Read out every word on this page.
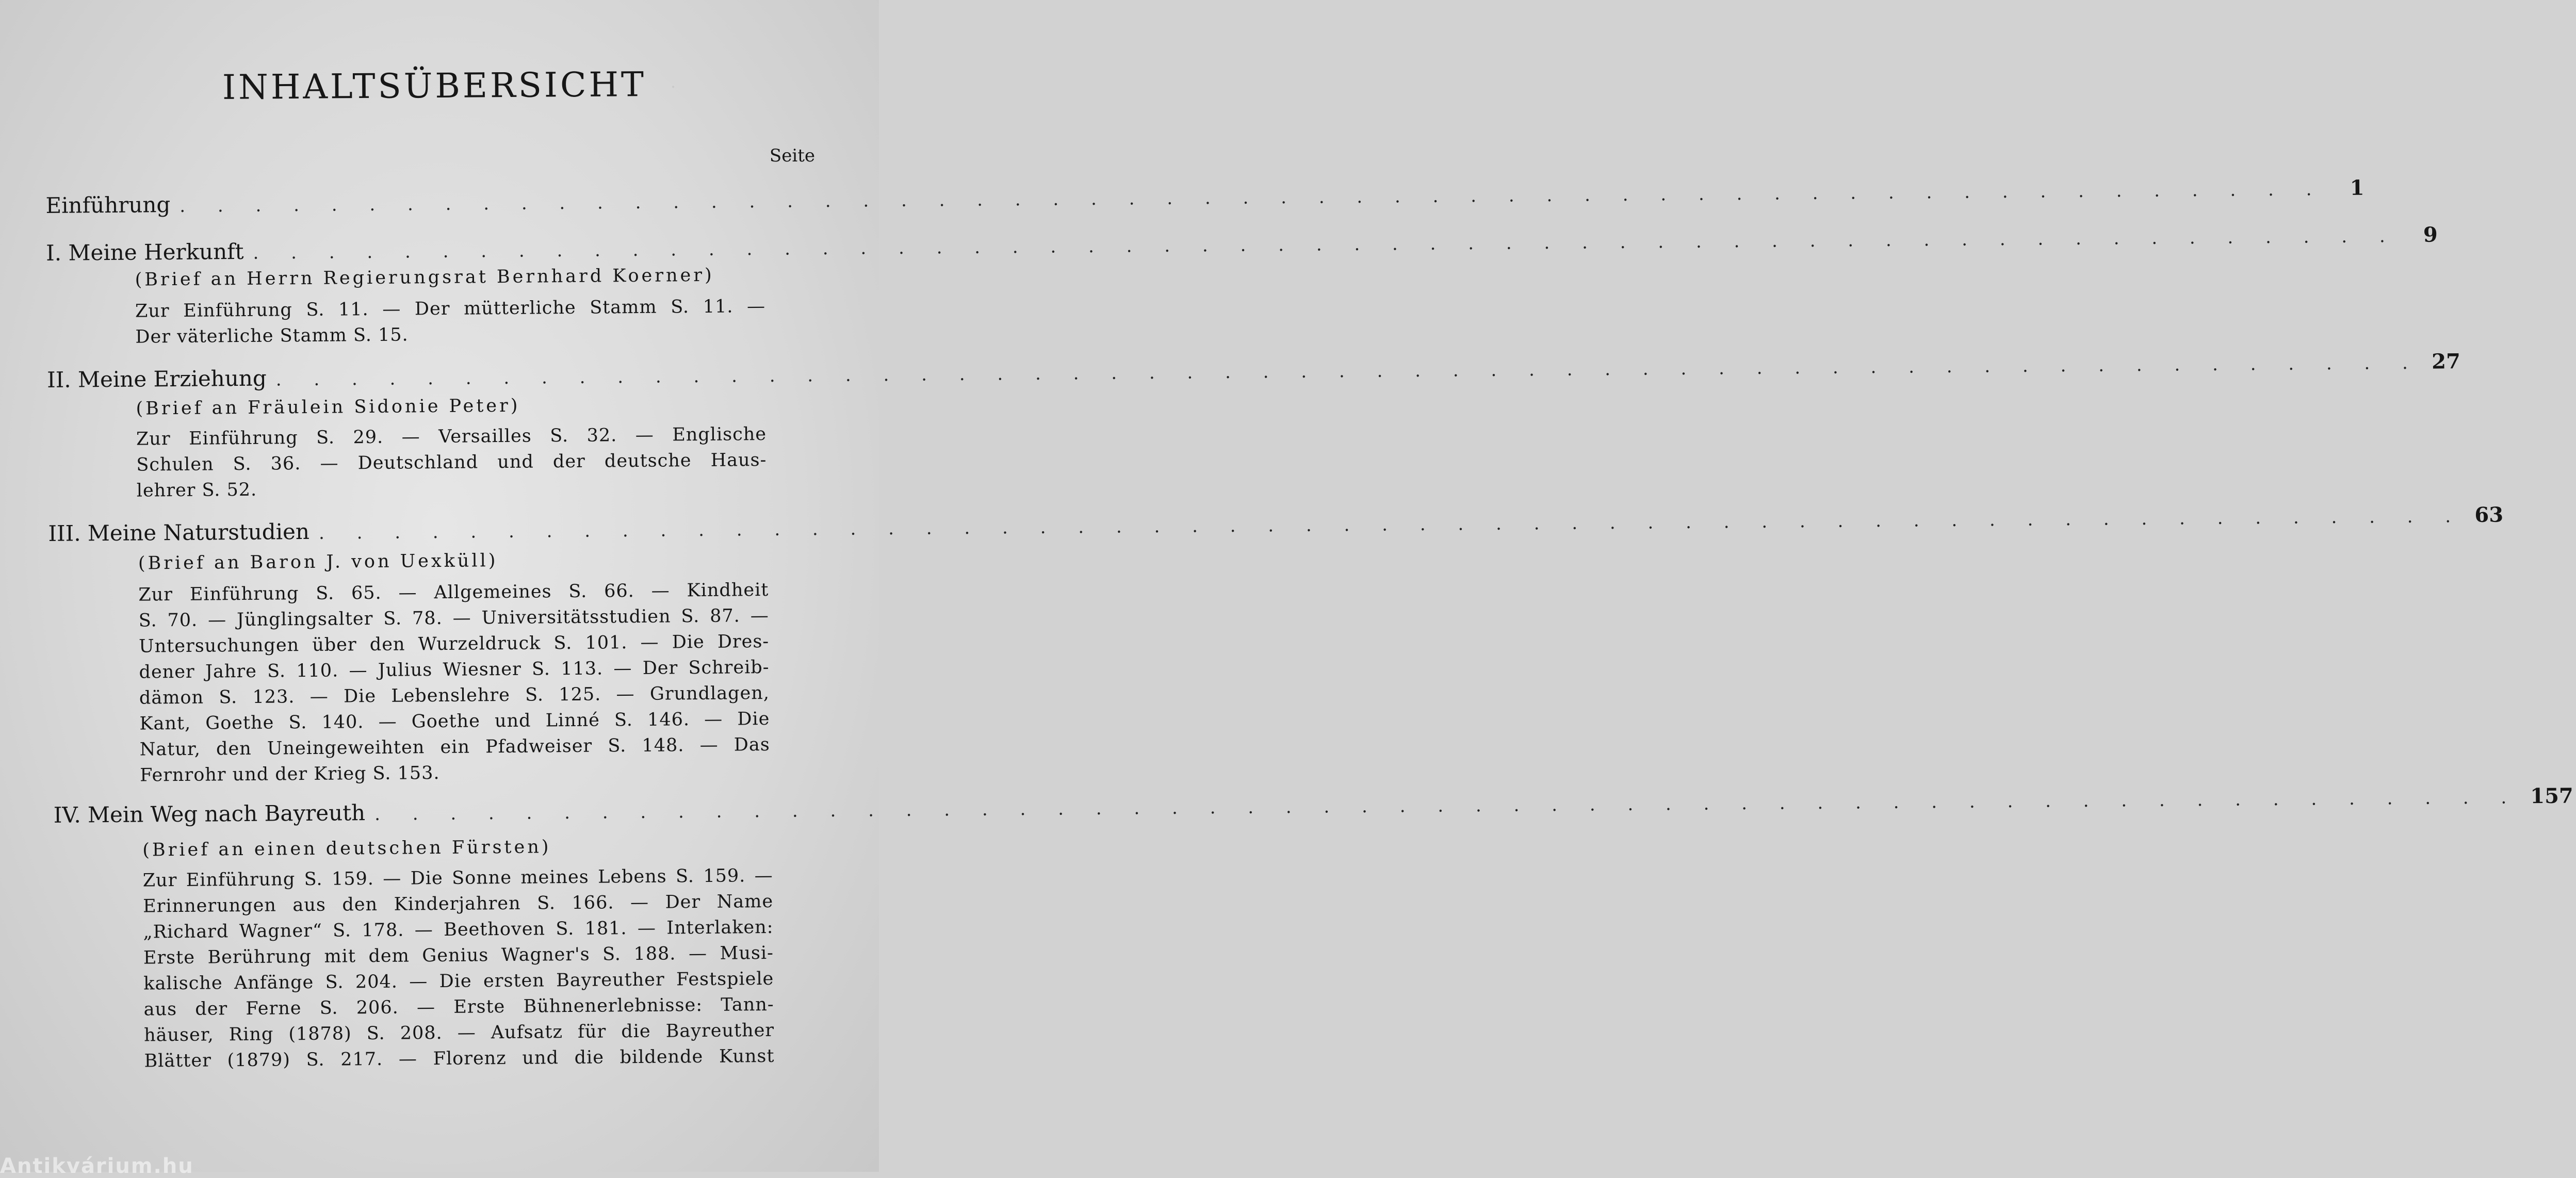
.
INHALTSÜBERSICHT
Seite
Einführung . . . . . . . . . . . . . . . . . . . . . . . . . . . . . . . . . . . . . . . . . . . . . . . . . . . . . . . . .	1
I. Meine Herkunft . . . . . . . . . . . . . . . . . . . . . . . . . . . . . . . . . . . . . . . . . . . . . . . . . . . . . . . . .	9
(Brief an Herrn Regierungsrat Bernhard Koerner)
Zur Einführung S. 11. — Der mütterliche Stamm S. 11. —
Der väterliche Stamm S. 15.
II. Meine Erziehung . . . . . . . . . . . . . . . . . . . . . . . . . . . . . . . . . . . . . . . . . . . . . . . . . . . . . . . . . 27
(Brief an Fräulein Sidonie Peter)
Zur Einführung S. 29. — Versailles S. 32. — Englische
Schulen S. 36. — Deutschland und der deutsche Haus-
lehrer S. 52.
III. Meine Naturstudien . . . . . . . . . . . . . . . . . . . . . . . . . . . . . . . . . . . . . . . . . . . . . . . . . . . . . . . . . 63
(Brief an Baron J. von Uexküll)
Zur Einführung S. 65. — Allgemeines S. 66. — Kindheit
S. 70. — Jünglingsalter S. 78. — Universitätsstudien S. 87. —
Untersuchungen über den Wurzeldruck S. 101. — Die Dres-
dener Jahre S. 110. — Julius Wiesner S. 113. — Der Schreib-
dämon S. 123. — Die Lebenslehre S. 125. — Grundlagen,
Kant, Goethe S. 140. — Goethe und Linné S. 146. — Die
Natur, den Uneingeweihten ein Pfadweiser S. 148. — Das
Fernrohr und der Krieg S. 153.
IV. Mein Weg nach Bayreuth . . . . . . . . . . . . . . . . . . . . . . . . . . . . . . . . . . . . . . . . . . . . . . . . . . . . . . . . . 157
(Brief an einen deutschen Fürsten)
Zur Einführung S. 159. — Die Sonne meines Lebens S. 159. —
Erinnerungen aus den Kinderjahren S. 166. — Der Name
„Richard Wagner“ S. 178. — Beethoven S. 181. — Interlaken:
Erste Berührung mit dem Genius Wagner's S. 188. — Musi-
kalische Anfänge S. 204. — Die ersten Bayreuther Festspiele
aus der Ferne S. 206. — Erste Bühnenerlebnisse: Tann-
häuser, Ring (1878) S. 208. — Aufsatz für die Bayreuther
Blätter (1879) S. 217. — Florenz und die bildende Kunst
Antikvárium.hu
